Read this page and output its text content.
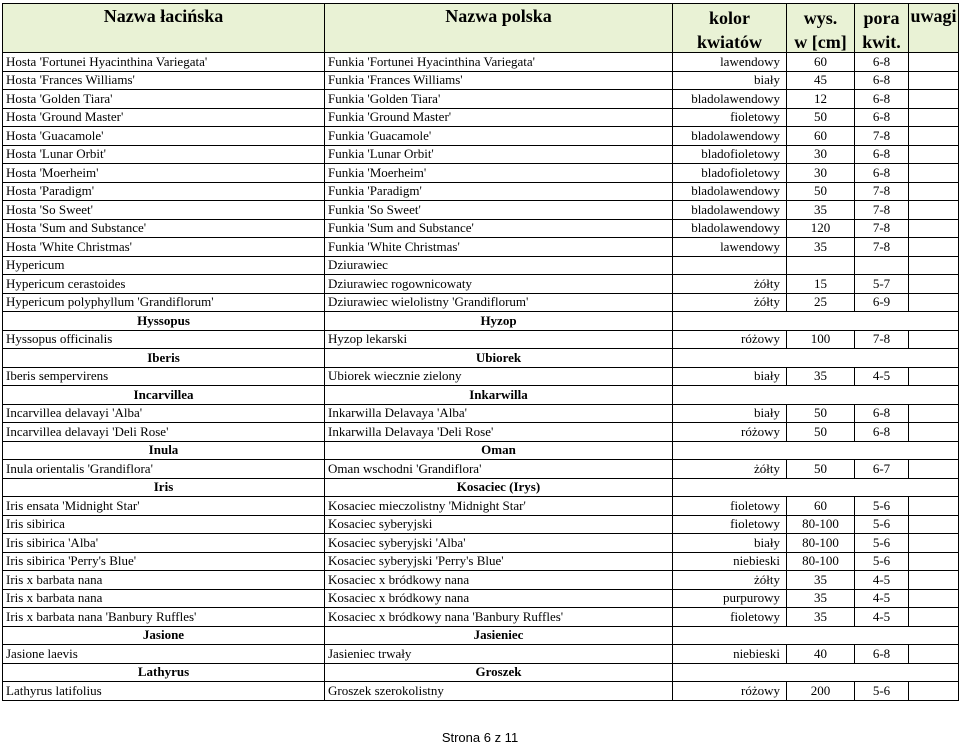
Nazwa łacińska	Nazwa polska	kolor	wys.	pora	uwagi
		kwiatów	w [cm]	kwit.	
Hosta 'Fortunei Hyacinthina Variegata'	Funkia 'Fortunei Hyacinthina Variegata'	lawendowy	60	6-8	
Hosta 'Frances Williams'	Funkia 'Frances Williams'	biały	45	6-8	
Hosta 'Golden Tiara'	Funkia 'Golden Tiara'	bladolawendowy	12	6-8	
Hosta 'Ground Master'	Funkia 'Ground Master'	fioletowy	50	6-8	
Hosta 'Guacamole'	Funkia 'Guacamole'	bladolawendowy	60	7-8	
Hosta 'Lunar Orbit'	Funkia 'Lunar Orbit'	bladofioletowy	30	6-8	
Hosta 'Moerheim'	Funkia 'Moerheim'	bladofioletowy	30	6-8	
Hosta 'Paradigm'	Funkia 'Paradigm'	bladolawendowy	50	7-8	
Hosta 'So Sweet'	Funkia 'So Sweet'	bladolawendowy	35	7-8	
Hosta 'Sum and Substance'	Funkia 'Sum and Substance'	bladolawendowy	120	7-8	
Hosta 'White Christmas'	Funkia 'White Christmas'	lawendowy	35	7-8	
Hypericum	Dziurawiec				
Hypericum cerastoides	Dziurawiec rogownicowaty	żółty	15	5-7	
Hypericum polyphyllum 'Grandiflorum'	Dziurawiec wielolistny 'Grandiflorum'	żółty	25	6-9	
Hyssopus	Hyzop				
Hyssopus officinalis	Hyzop lekarski	różowy	100	7-8	
Iberis	Ubiorek				
Iberis sempervirens	Ubiorek wiecznie zielony	biały	35	4-5	
Incarvillea	Inkarwilla				
Incarvillea delavayi 'Alba'	Inkarwilla Delavaya 'Alba'	biały	50	6-8	
Incarvillea delavayi 'Deli Rose'	Inkarwilla Delavaya 'Deli Rose'	różowy	50	6-8	
Inula	Oman				
Inula orientalis 'Grandiflora'	Oman wschodni 'Grandiflora'	żółty	50	6-7	
Iris	Kosaciec (Irys)				
Iris ensata 'Midnight Star'	Kosaciec mieczolistny 'Midnight Star'	fioletowy	60	5-6	
Iris sibirica	Kosaciec syberyjski	fioletowy	80-100	5-6	
Iris sibirica 'Alba'	Kosaciec syberyjski 'Alba'	biały	80-100	5-6	
Iris sibirica 'Perry's Blue'	Kosaciec syberyjski 'Perry's Blue'	niebieski	80-100	5-6	
Iris x barbata nana	Kosaciec x bródkowy nana	żółty	35	4-5	
Iris x barbata nana	Kosaciec x bródkowy nana	purpurowy	35	4-5	
Iris x barbata nana 'Banbury Ruffles'	Kosaciec x bródkowy nana 'Banbury Ruffles'	fioletowy	35	4-5	
Jasione	Jasieniec				
Jasione laevis	Jasieniec trwały	niebieski	40	6-8	
Lathyrus	Groszek				
Lathyrus latifolius	Groszek szerokolistny	różowy	200	5-6	
Strona 6 z 11
